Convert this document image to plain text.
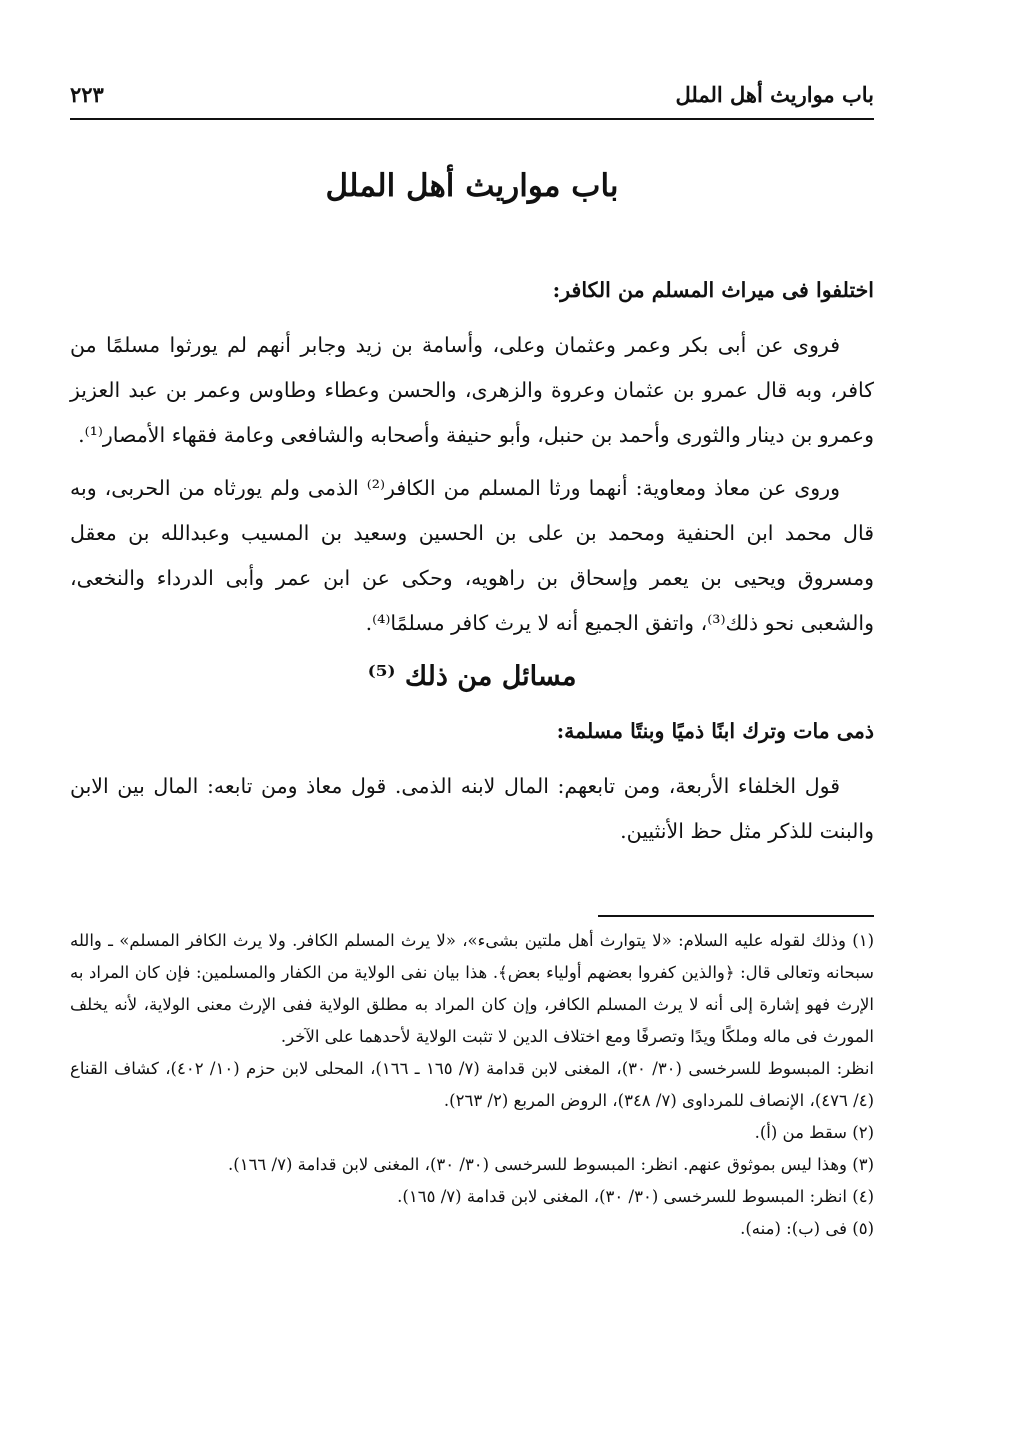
باب مواريث أهل الملل
٢٢٣
باب مواريث أهل الملل

اختلفوا فى ميراث المسلم من الكافر:

فروى عن أبى بكر وعمر وعثمان وعلى، وأسامة بن زيد وجابر أنهم لم يورثوا مسلمًا من كافر، وبه قال عمرو بن عثمان وعروة والزهرى، والحسن وعطاء وطاوس وعمر بن عبد العزيز وعمرو بن دينار والثورى وأحمد بن حنبل، وأبو حنيفة وأصحابه والشافعى وعامة فقهاء الأمصار⁽¹⁾.

وروى عن معاذ ومعاوية: أنهما ورثا المسلم من الكافر⁽²⁾ الذمى ولم يورثاه من الحربى، وبه قال محمد ابن الحنفية ومحمد بن على بن الحسين وسعيد بن المسيب وعبدالله بن معقل ومسروق ويحيى بن يعمر وإسحاق بن راهويه، وحكى عن ابن عمر وأبى الدرداء والنخعى، والشعبى نحو ذلك⁽³⁾، واتفق الجميع أنه لا يرث كافر مسلمًا⁽⁴⁾.

مسائل من ذلك ⁽⁵⁾

ذمى مات وترك ابنًا ذميًا وبنتًا مسلمة:

قول الخلفاء الأربعة، ومن تابعهم: المال لابنه الذمى. قول معاذ ومن تابعه: المال بين الابن والبنت للذكر مثل حظ الأنثيين.

(١) وذلك لقوله عليه السلام: «لا يتوارث أهل ملتين بشىء»، «لا يرث المسلم الكافر. ولا يرث الكافر المسلم» ـ والله سبحانه وتعالى قال: ﴿والذين كفروا بعضهم أولياء بعض﴾. هذا بيان نفى الولاية من الكفار والمسلمين: فإن كان المراد به الإرث فهو إشارة إلى أنه لا يرث المسلم الكافر، وإن كان المراد به مطلق الولاية ففى الإرث معنى الولاية، لأنه يخلف المورث فى ماله وملكًا ويدًا وتصرفًا ومع اختلاف الدين لا تثبت الولاية لأحدهما على الآخر.

انظر: المبسوط للسرخسى (٣٠/ ٣٠)، المغنى لابن قدامة (٧/ ١٦٥ ـ ١٦٦)، المحلى لابن حزم (١٠/ ٤٠٢)، كشاف القناع (٤/ ٤٧٦)، الإنصاف للمرداوى (٧/ ٣٤٨)، الروض المربع (٢/ ٢٦٣).

(٢) سقط من (أ).

(٣) وهذا ليس بموثوق عنهم. انظر: المبسوط للسرخسى (٣٠/ ٣٠)، المغنى لابن قدامة (٧/ ١٦٦).

(٤) انظر: المبسوط للسرخسى (٣٠/ ٣٠)، المغنى لابن قدامة (٧/ ١٦٥).

(٥) فى (ب): (منه).
